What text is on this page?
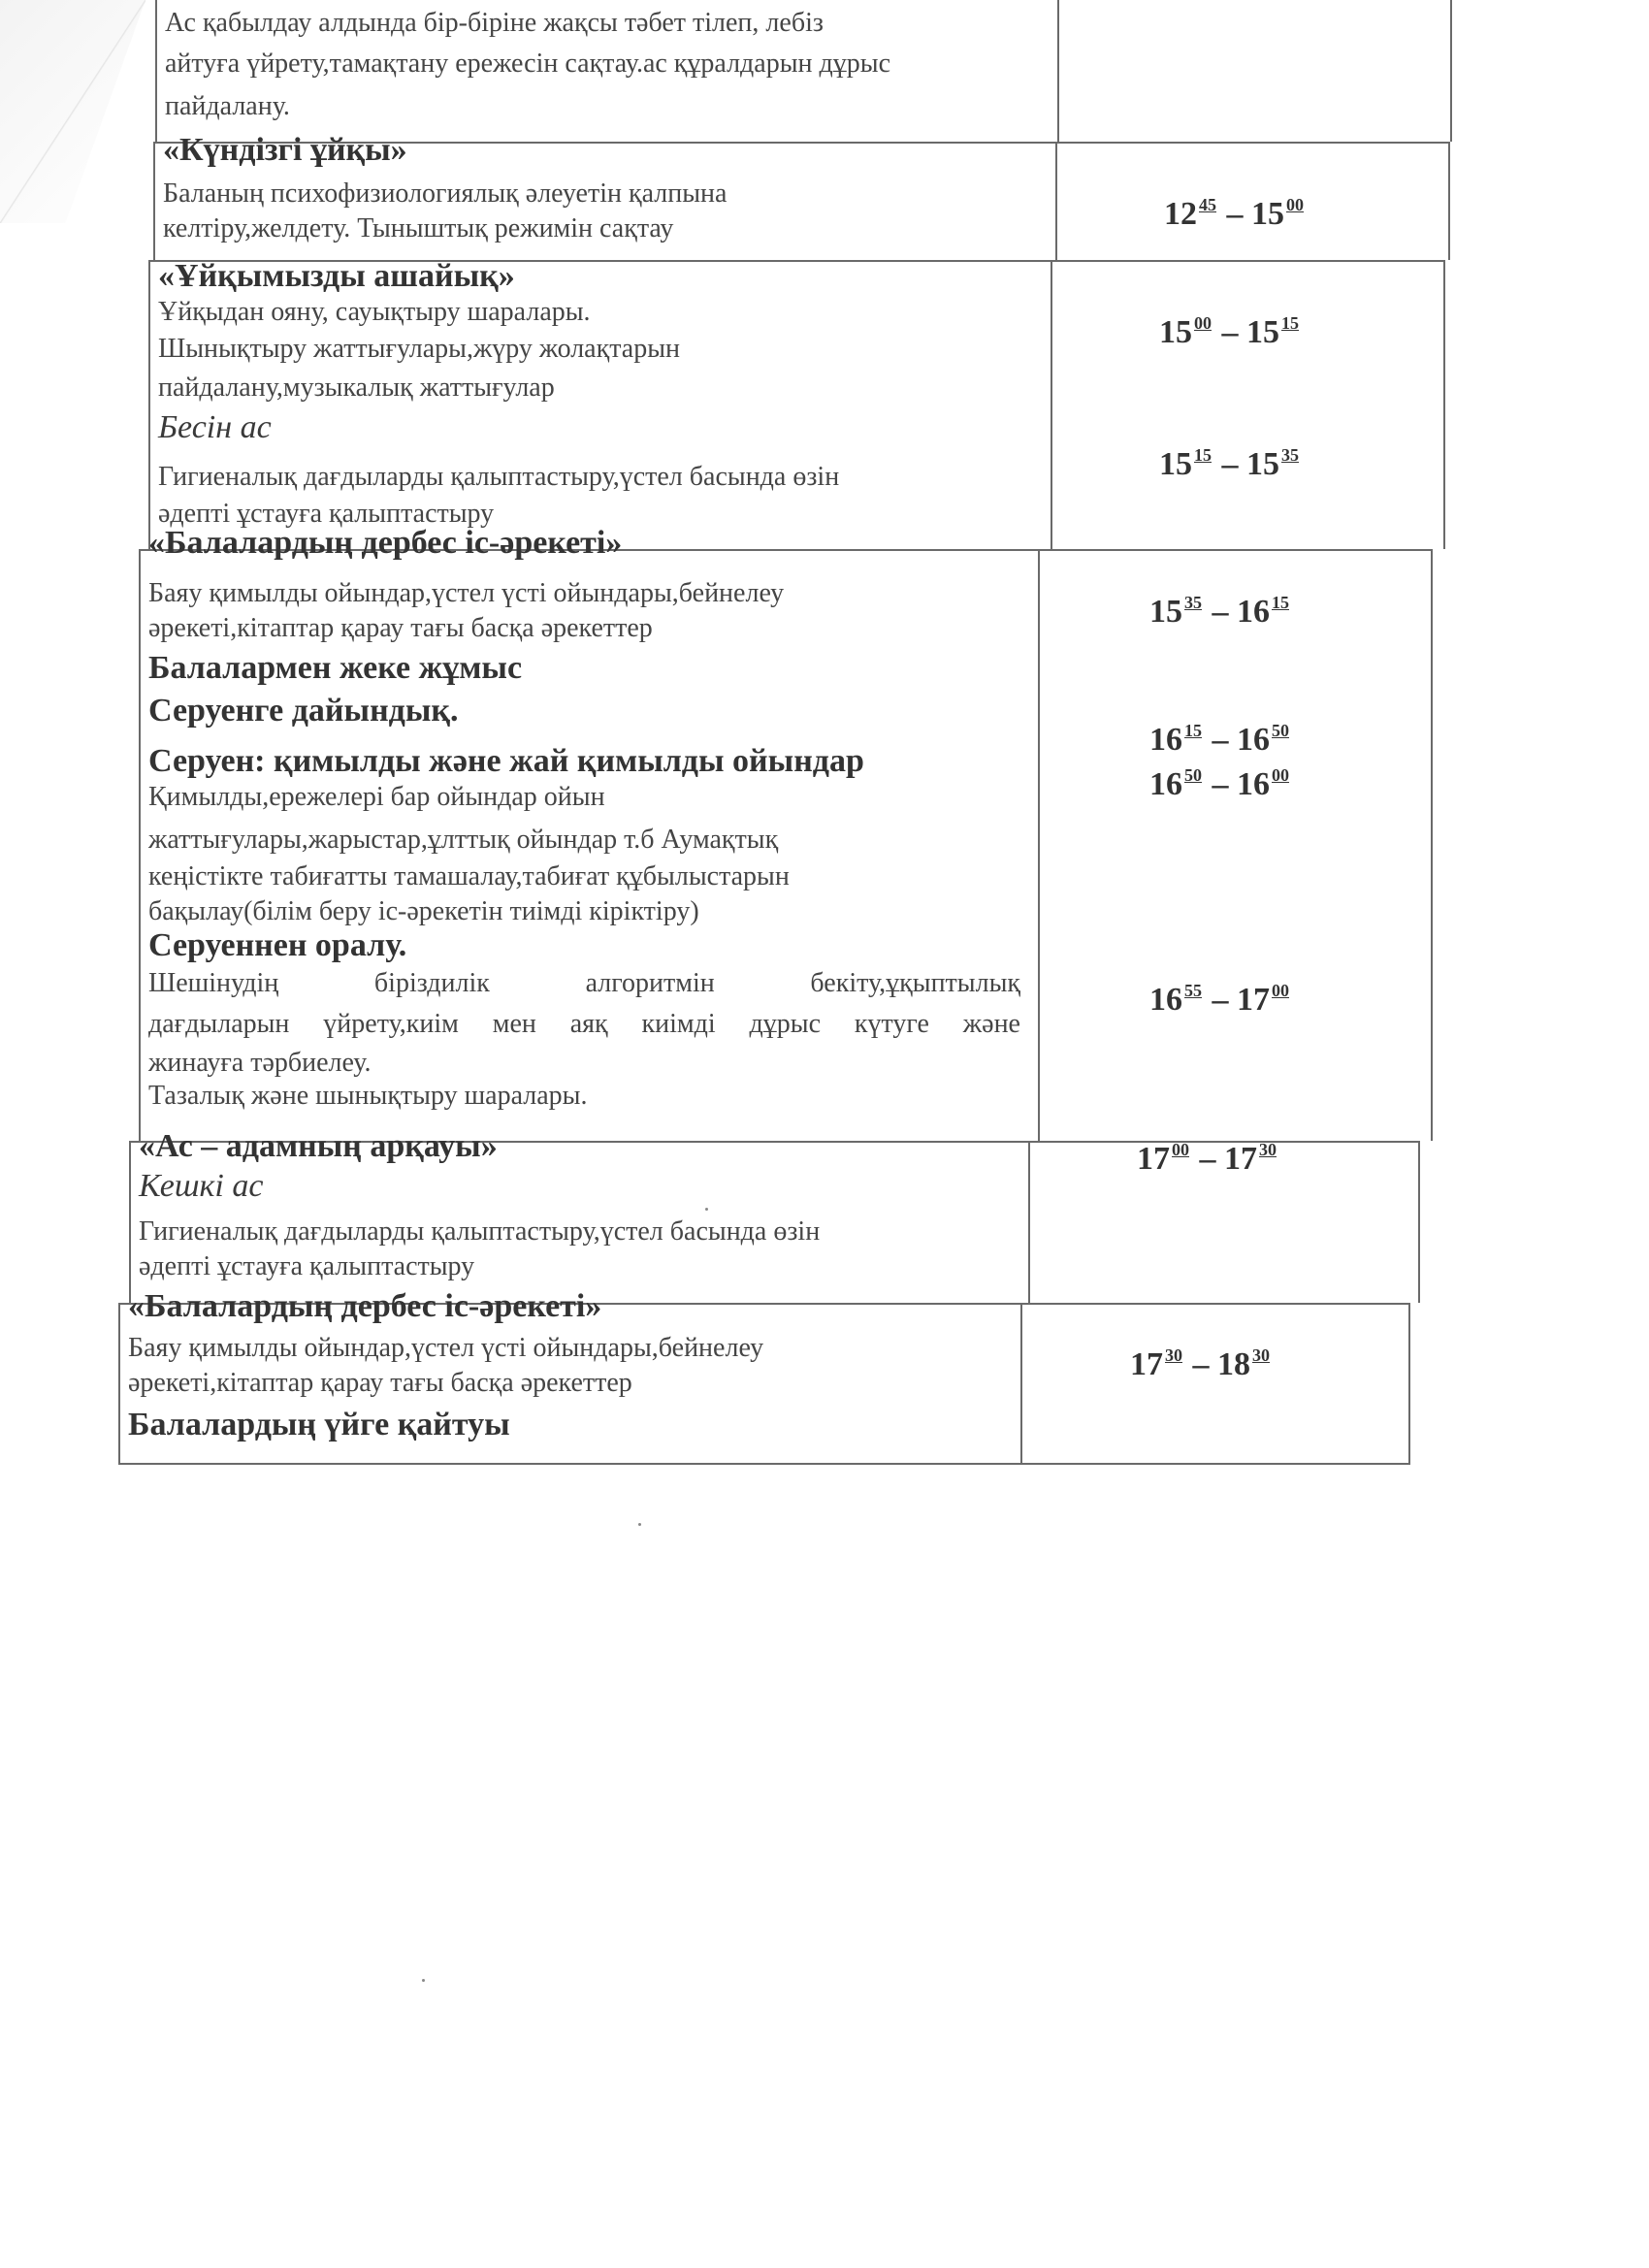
Ас қабылдау алдында бір-біріне жақсы тәбет тілеп, лебіз
айтуға үйрету,тамақтану ережесін сақтау.ас құралдарын дұрыс
пайдалану.
«Күндізгі ұйқы»
Баланың психофизиологиялық әлеуетін қалпына
келтіру,желдету. Тыныштық режимін сақтау	12 $^{45}$ – 15 $^{00}$
«Ұйқымызды ашайық»
Ұйқыдан ояну, сауықтыру шаралары.
Шынықтыру жаттығулары,жүру жолақтарын
пайдалану,музыкалық жаттығулар
Бесін ас
Гигиеналық дағдыларды қалыптастыру,үстел басында өзін
әдепті ұстауға қалыптастыру
15 $^{00}$ – 15 $^{15}$
15 $^{15}$ – 15 $^{35}$
«Балалардың дербес іс-әрекеті»
Баяу қимылды ойындар,үстел үсті ойындары,бейнелеу
әрекеті,кітаптар қарау тағы басқа әрекеттер
Балалармен жеке жұмыс
Серуенге дайындық.
Серуен: қимылды және жай қимылды ойындар
Қимылды,ережелері бар ойындар ойын
жаттығулары,жарыстар,ұлттық ойындар т.б Аумақтық
кеңістікте табиғатты тамашалау,табиғат құбылыстарын
бақылау(білім беру іс-әрекетін тиімді кіріктіру)
Серуеннен оралу.
Шешінудің біріздилік алгоритмін бекіту,ұқыптылық
дағдыларын үйрету,киім мен аяқ киімді дұрыс күтуге және
жинауға тәрбиелеу.
Тазалық және шынықтыру шаралары.
15 $^{35}$ – 16 $^{15}$
16 $^{15}$ – 16 $^{50}$
16 $^{50}$ – 16 $^{00}$
16 $^{55}$ – 17 $^{00}$
«Ас – адамның арқауы»
Кешкі ас
Гигиеналық дағдыларды қалыптастыру,үстел басында өзін
әдепті ұстауға қалыптастыру
17 $^{00}$ – 17 $^{30}$
«Балалардың дербес іс-әрекеті»
Баяу қимылды ойындар,үстел үсті ойындары,бейнелеу
әрекеті,кітаптар қарау тағы басқа әрекеттер
Балалардың үйге қайтуы
17 $^{30}$ – 18 $^{30}$
